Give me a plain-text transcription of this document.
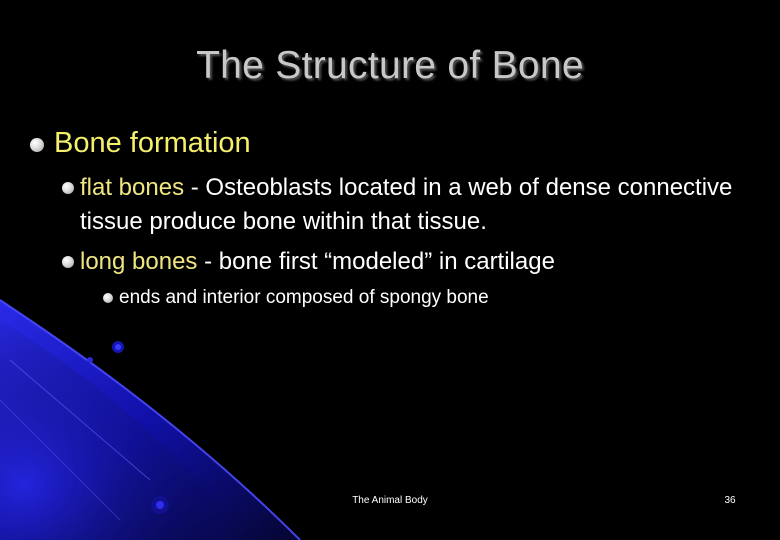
The Structure of Bone
Bone formation
flat bones - Osteoblasts located in a web of dense connective tissue produce bone within that tissue.
long bones - bone first “modeled” in cartilage
ends and interior composed of spongy bone
The Animal Body	36
